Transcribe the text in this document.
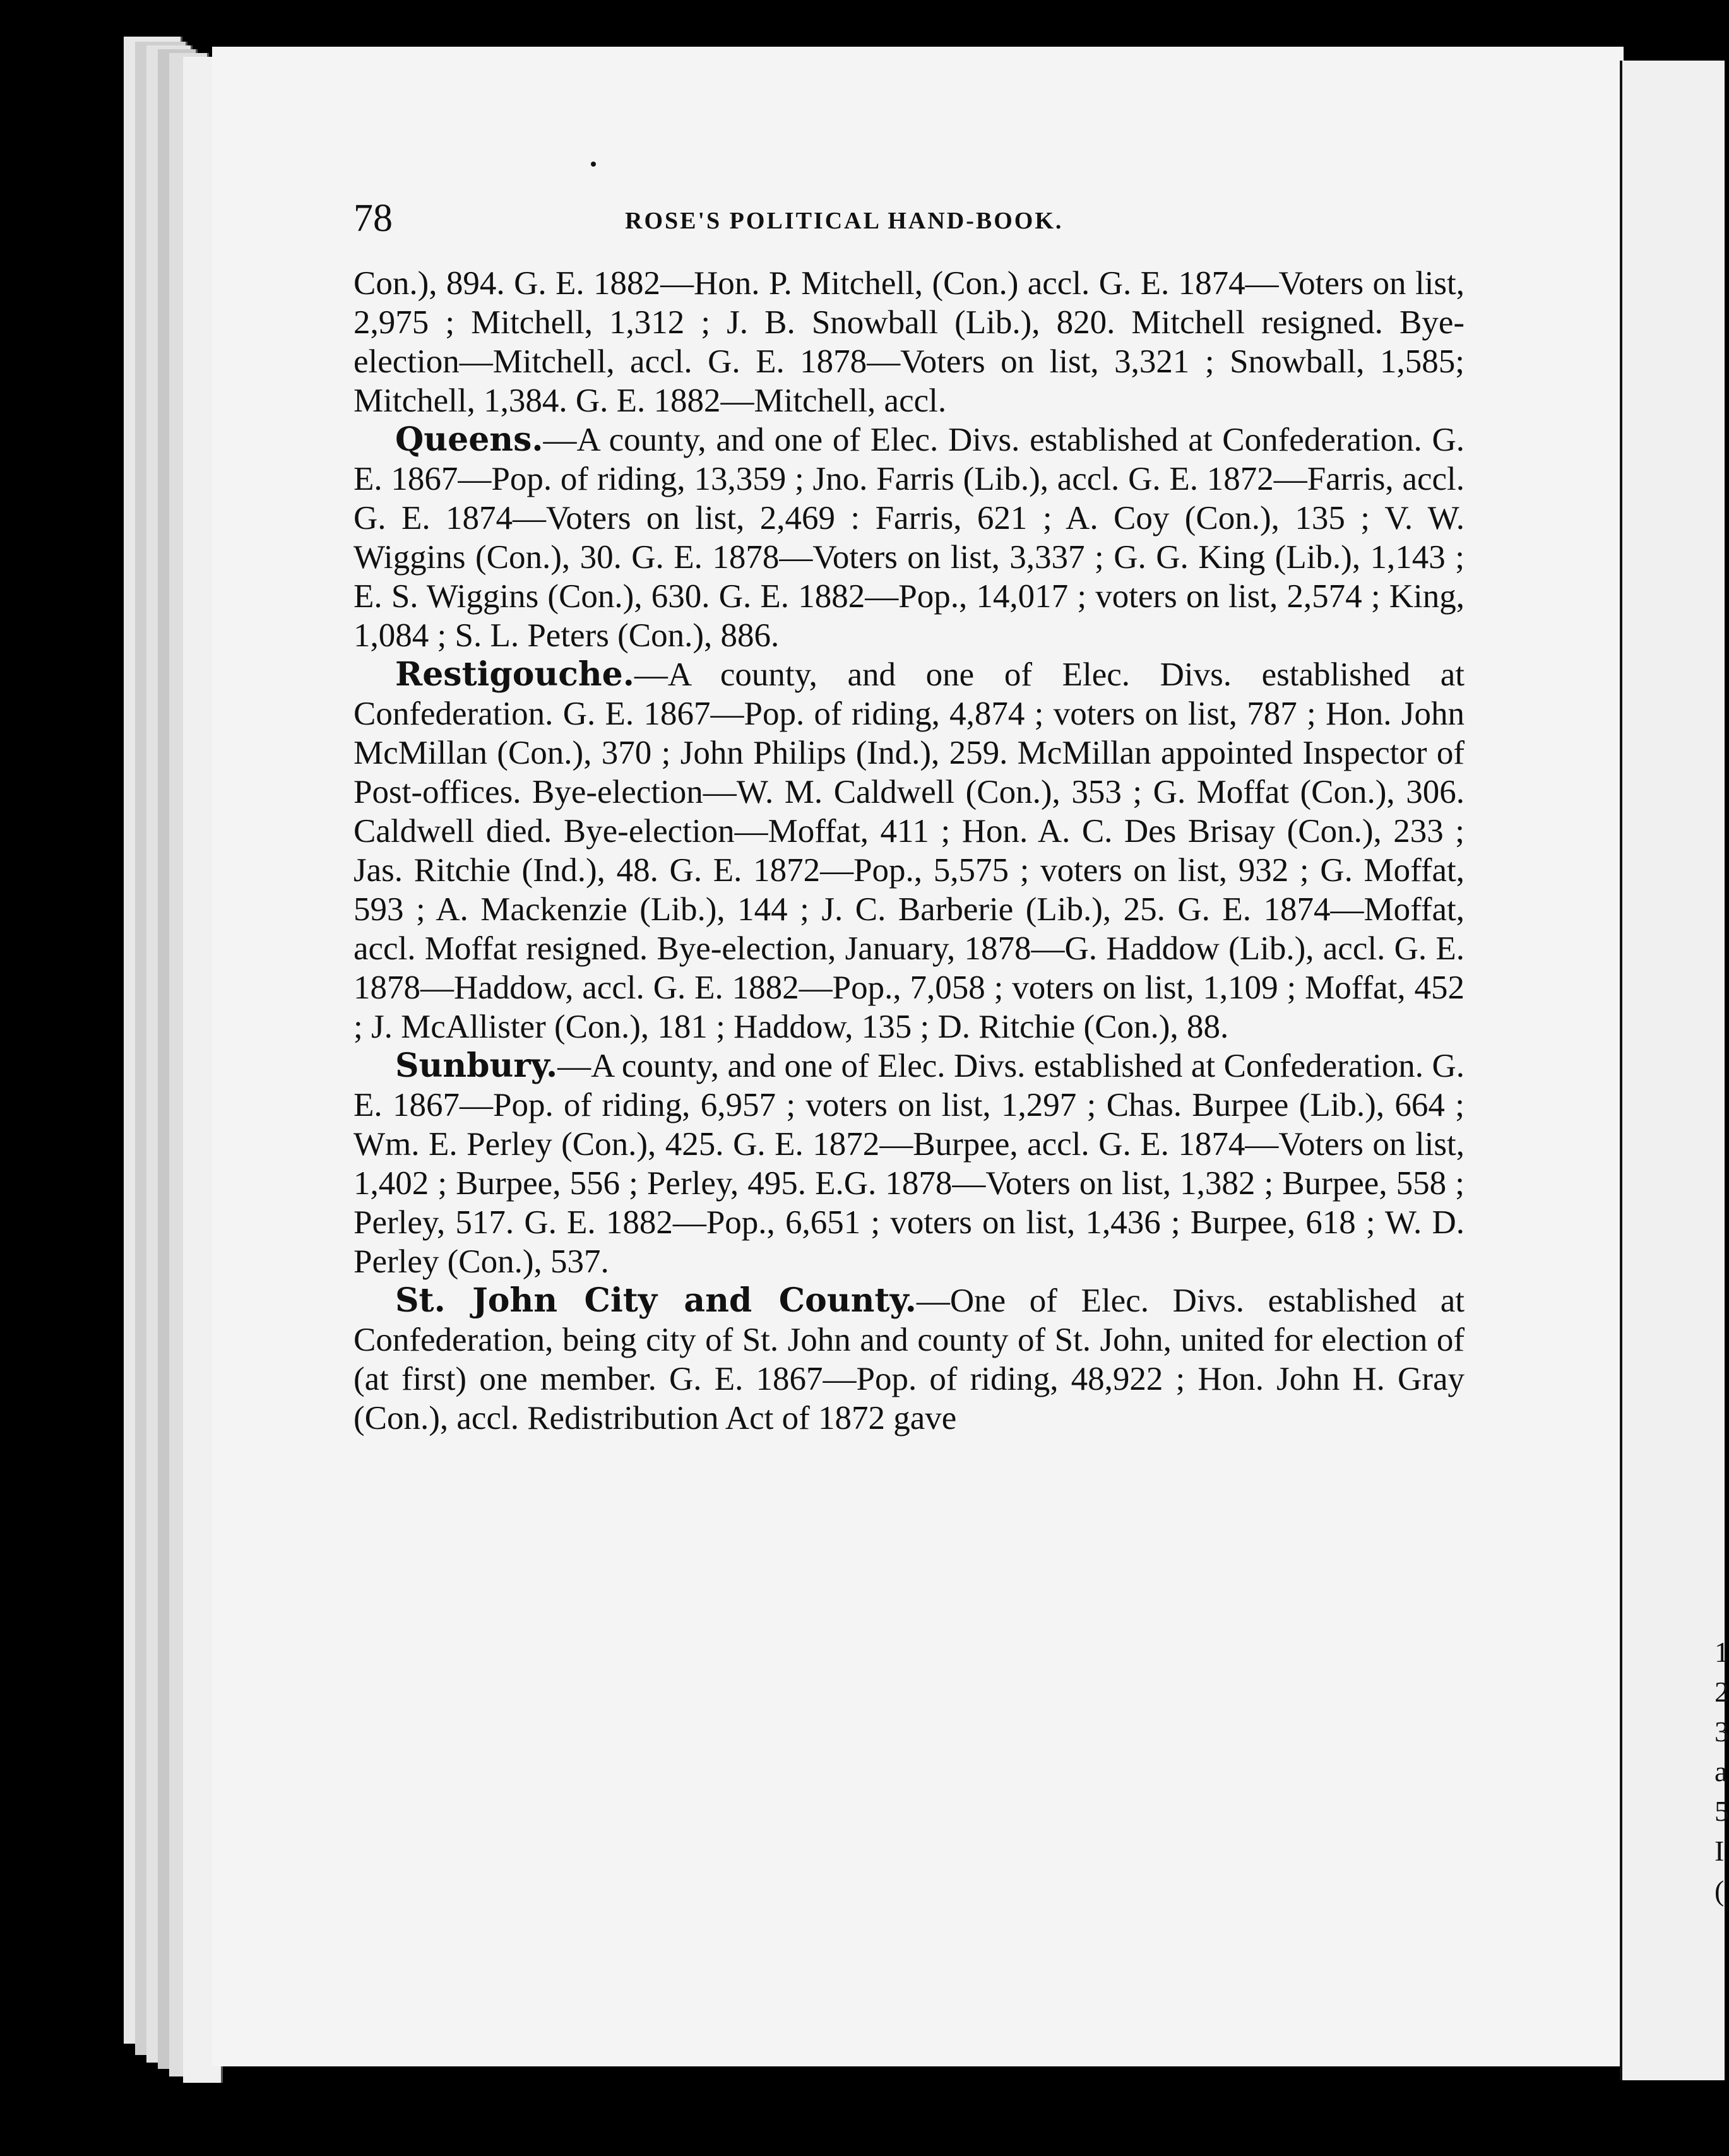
1
2
3
a
5
I
(
78	ROSE'S POLITICAL HAND-BOOK.

Con.), 894. G. E. 1882—Hon. P. Mitchell, (Con.) accl. G. E. 1874—Voters on list, 2,975 ; Mitchell, 1,312 ; J. B. Snowball (Lib.), 820. Mitchell resigned. Bye-election—Mitchell, accl. G. E. 1878—Voters on list, 3,321 ; Snowball, 1,585; Mitchell, 1,384. G. E. 1882—Mitchell, accl.

Queens.—A county, and one of Elec. Divs. established at Confederation. G. E. 1867—Pop. of riding, 13,359 ; Jno. Farris (Lib.), accl. G. E. 1872—Farris, accl. G. E. 1874—Voters on list, 2,469 : Farris, 621 ; A. Coy (Con.), 135 ; V. W. Wiggins (Con.), 30. G. E. 1878—Voters on list, 3,337 ; G. G. King (Lib.), 1,143 ; E. S. Wiggins (Con.), 630. G. E. 1882—Pop., 14,017 ; voters on list, 2,574 ; King, 1,084 ; S. L. Peters (Con.), 886.

Restigouche.—A county, and one of Elec. Divs. established at Confederation. G. E. 1867—Pop. of riding, 4,874 ; voters on list, 787 ; Hon. John McMillan (Con.), 370 ; John Philips (Ind.), 259. McMillan appointed Inspector of Post-offices. Bye-election—W. M. Caldwell (Con.), 353 ; G. Moffat (Con.), 306. Caldwell died. Bye-election—Moffat, 411 ; Hon. A. C. Des Brisay (Con.), 233 ; Jas. Ritchie (Ind.), 48. G. E. 1872—Pop., 5,575 ; voters on list, 932 ; G. Moffat, 593 ; A. Mackenzie (Lib.), 144 ; J. C. Barberie (Lib.), 25. G. E. 1874—Moffat, accl. Moffat resigned. Bye-election, January, 1878—G. Haddow (Lib.), accl. G. E. 1878—Haddow, accl. G. E. 1882—Pop., 7,058 ; voters on list, 1,109 ; Moffat, 452 ; J. McAllister (Con.), 181 ; Haddow, 135 ; D. Ritchie (Con.), 88.

Sunbury.—A county, and one of Elec. Divs. established at Confederation. G. E. 1867—Pop. of riding, 6,957 ; voters on list, 1,297 ; Chas. Burpee (Lib.), 664 ; Wm. E. Perley (Con.), 425. G. E. 1872—Burpee, accl. G. E. 1874—Voters on list, 1,402 ; Burpee, 556 ; Perley, 495. E.G. 1878—Voters on list, 1,382 ; Burpee, 558 ; Perley, 517. G. E. 1882—Pop., 6,651 ; voters on list, 1,436 ; Burpee, 618 ; W. D. Perley (Con.), 537.

St. John City and County.—One of Elec. Divs. established at Confederation, being city of St. John and county of St. John, united for election of (at first) one member. G. E. 1867—Pop. of riding, 48,922 ; Hon. John H. Gray (Con.), accl. Redistribution Act of 1872 gave
